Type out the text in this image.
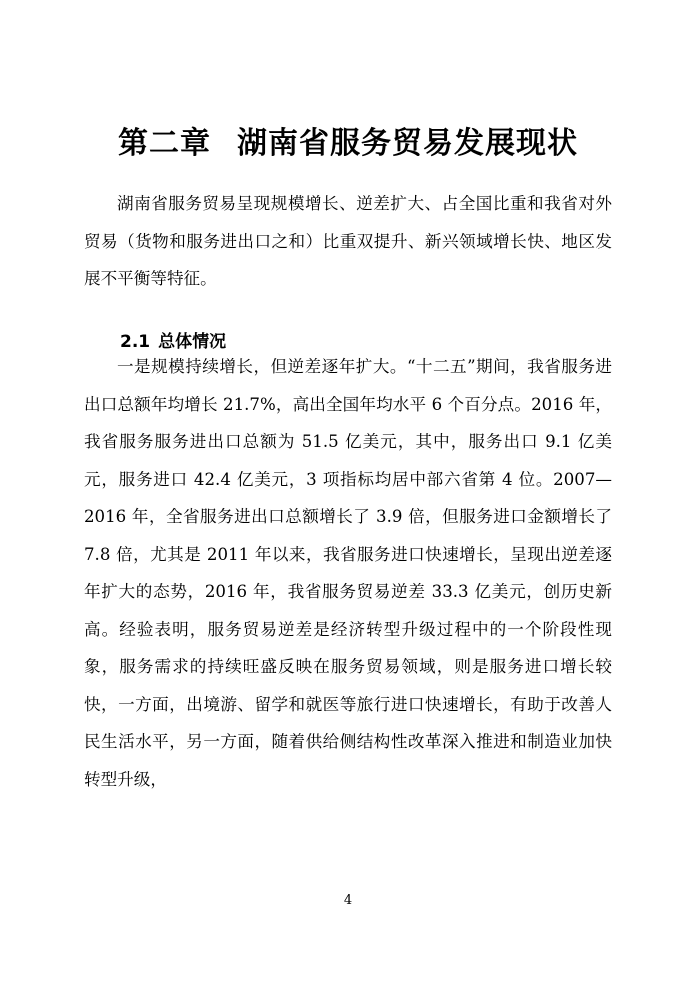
第二章 湖南省服务贸易发展现状

湖南省服务贸易呈现规模增长、逆差扩大、占全国比重和我省对外贸易（货物和服务进出口之和）比重双提升、新兴领域增长快、地区发展不平衡等特征。

2.1 总体情况

一是规模持续增长，但逆差逐年扩大。“十二五”期间，我省服务进出口总额年均增长 21.7%，高出全国年均水平 6 个百分点。2016 年，我省服务服务进出口总额为 51.5 亿美元，其中，服务出口 9.1 亿美元，服务进口 42.4 亿美元，3 项指标均居中部六省第 4 位。2007—2016 年，全省服务进出口总额增长了 3.9 倍，但服务进口金额增长了 7.8 倍，尤其是 2011 年以来，我省服务进口快速增长，呈现出逆差逐年扩大的态势，2016 年，我省服务贸易逆差 33.3 亿美元，创历史新高。经验表明，服务贸易逆差是经济转型升级过程中的一个阶段性现象，服务需求的持续旺盛反映在服务贸易领域，则是服务进口增长较快，一方面，出境游、留学和就医等旅行进口快速增长，有助于改善人民生活水平，另一方面，随着供给侧结构性改革深入推进和制造业加快转型升级，

4
